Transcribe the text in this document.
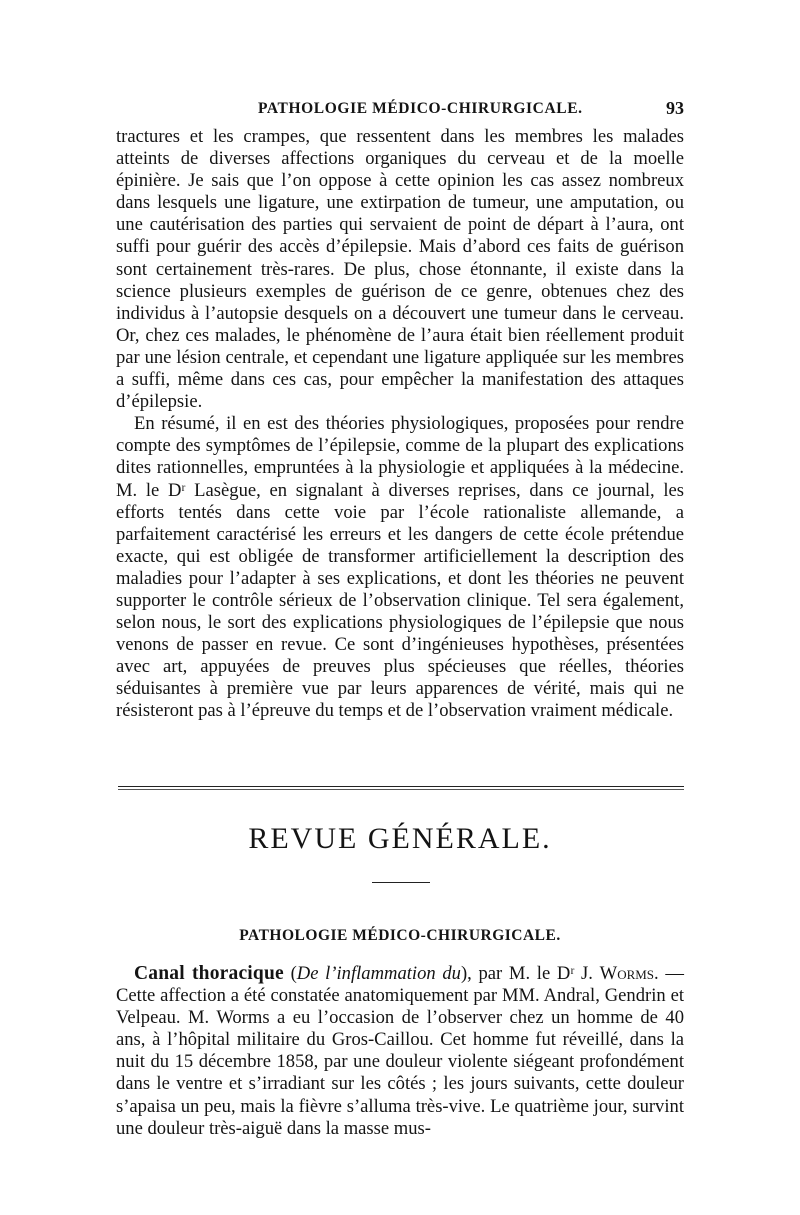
PATHOLOGIE MÉDICO-CHIRURGICALE.	93

tractures et les crampes, que ressentent dans les membres les malades atteints de diverses affections organiques du cerveau et de la moelle épinière. Je sais que l’on oppose à cette opinion les cas assez nombreux dans lesquels une ligature, une extirpation de tumeur, une amputation, ou une cautérisation des parties qui servaient de point de départ à l’aura, ont suffi pour guérir des accès d’épilepsie. Mais d’abord ces faits de guérison sont certainement très-rares. De plus, chose étonnante, il existe dans la science plusieurs exemples de guérison de ce genre, obtenues chez des individus à l’autopsie desquels on a découvert une tumeur dans le cerveau. Or, chez ces malades, le phénomène de l’aura était bien réellement produit par une lésion centrale, et cependant une ligature appliquée sur les membres a suffi, même dans ces cas, pour empêcher la manifestation des attaques d’épilepsie.

En résumé, il en est des théories physiologiques, proposées pour rendre compte des symptômes de l’épilepsie, comme de la plupart des explications dites rationnelles, empruntées à la physiologie et appliquées à la médecine. M. le Dʳ Lasègue, en signalant à diverses reprises, dans ce journal, les efforts tentés dans cette voie par l’école rationaliste allemande, a parfaitement caractérisé les erreurs et les dangers de cette école prétendue exacte, qui est obligée de transformer artificiellement la description des maladies pour l’adapter à ses explications, et dont les théories ne peuvent supporter le contrôle sérieux de l’observation clinique. Tel sera également, selon nous, le sort des explications physiologiques de l’épilepsie que nous venons de passer en revue. Ce sont d’ingénieuses hypothèses, présentées avec art, appuyées de preuves plus spécieuses que réelles, théories séduisantes à première vue par leurs apparences de vérité, mais qui ne résisteront pas à l’épreuve du temps et de l’observation vraiment médicale.

REVUE GÉNÉRALE.
PATHOLOGIE MÉDICO-CHIRURGICALE.

Canal thoracique (De l’inflammation du), par M. le Dʳ J. Worms. — Cette affection a été constatée anatomiquement par MM. Andral, Gendrin et Velpeau. M. Worms a eu l’occasion de l’observer chez un homme de 40 ans, à l’hôpital militaire du Gros-Caillou. Cet homme fut réveillé, dans la nuit du 15 décembre 1858, par une douleur violente siégeant profondément dans le ventre et s’irradiant sur les côtés ; les jours suivants, cette douleur s’apaisa un peu, mais la fièvre s’alluma très-vive. Le quatrième jour, survint une douleur très-aiguë dans la masse mus-
